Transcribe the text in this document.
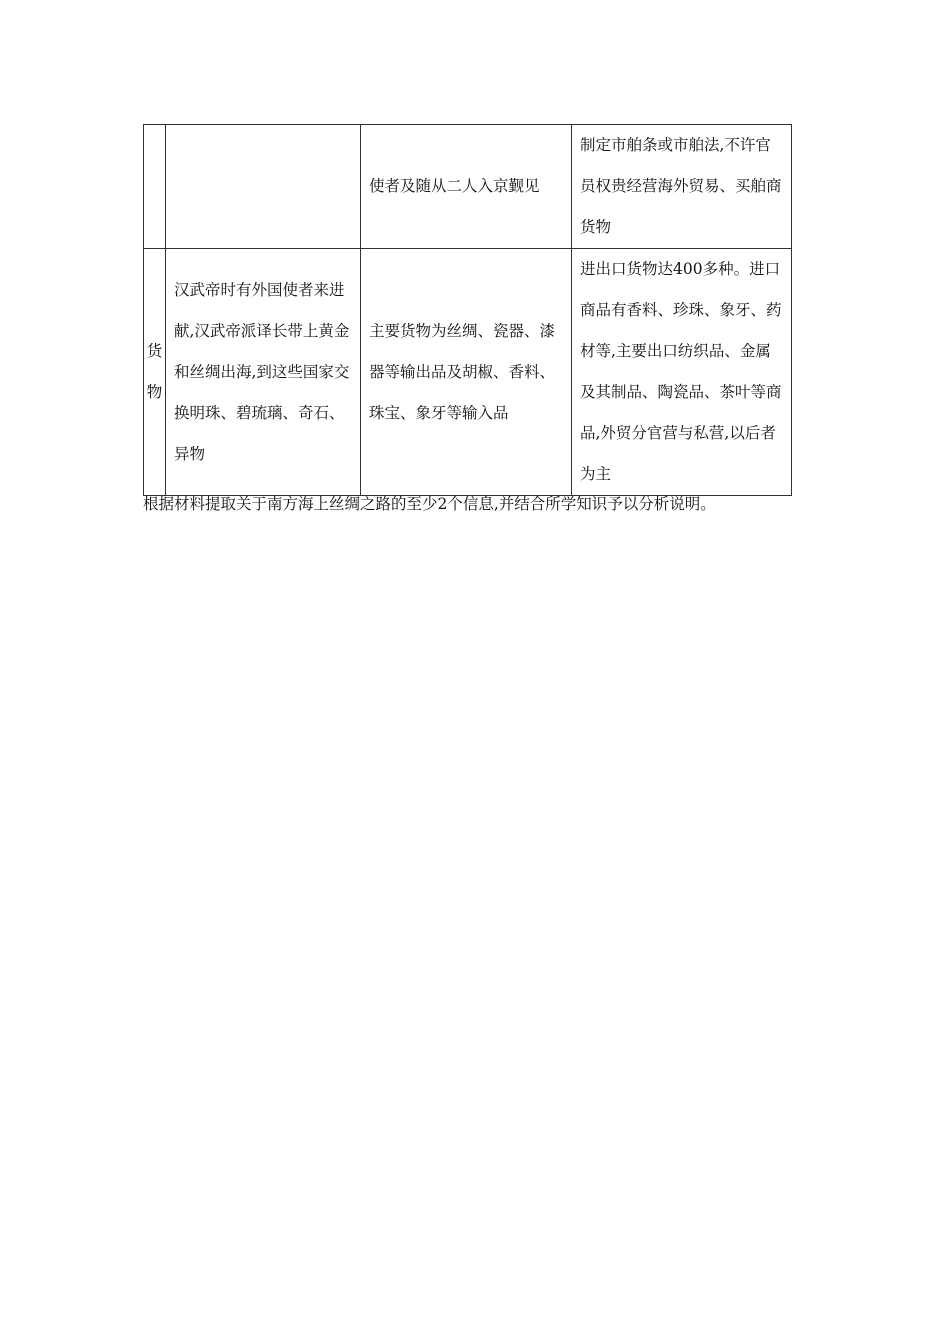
		使者及随从二人入京觐见	制定市舶条或市舶法,不许官员权贵经营海外贸易、买舶商货物

货物	汉武帝时有外国使者来进献,汉武帝派译长带上黄金和丝绸出海,到这些国家交换明珠、碧琉璃、奇石、异物	主要货物为丝绸、瓷器、漆器等输出品及胡椒、香料、珠宝、象牙等输入品	进出口货物达400多种。进口商品有香料、珍珠、象牙、药材等,主要出口纺织品、金属及其制品、陶瓷品、茶叶等商品,外贸分官营与私营,以后者为主
根据材料提取关于南方海上丝绸之路的至少2个信息,并结合所学知识予以分析说明。
